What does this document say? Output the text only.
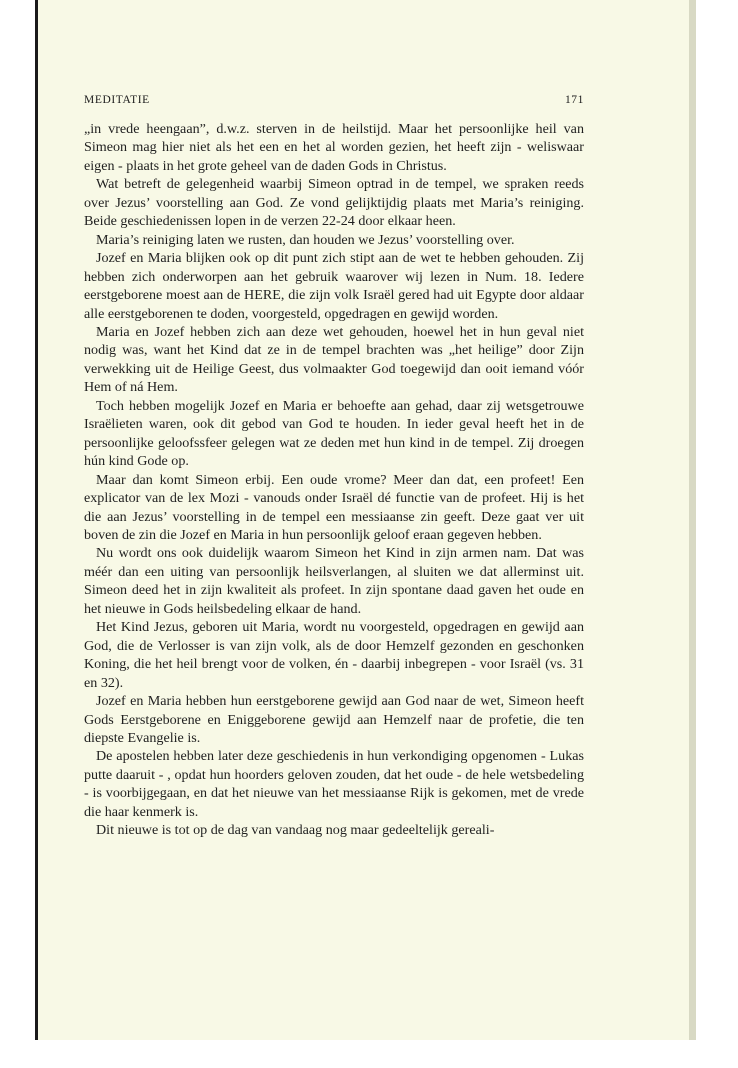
MEDITATIE	171

„in vrede heengaan”, d.w.z. sterven in de heilstijd. Maar het persoonlijke heil van Simeon mag hier niet als het een en het al worden gezien, het heeft zijn - weliswaar eigen - plaats in het grote geheel van de daden Gods in Christus.

Wat betreft de gelegenheid waarbij Simeon optrad in de tempel, we spraken reeds over Jezus’ voorstelling aan God. Ze vond gelijktijdig plaats met Maria’s reiniging. Beide geschiedenissen lopen in de verzen 22-24 door elkaar heen.

Maria’s reiniging laten we rusten, dan houden we Jezus’ voorstelling over.

Jozef en Maria blijken ook op dit punt zich stipt aan de wet te hebben gehouden. Zij hebben zich onderworpen aan het gebruik waarover wij lezen in Num. 18. Iedere eerstgeborene moest aan de HERE, die zijn volk Israël gered had uit Egypte door aldaar alle eerstgeborenen te doden, voorgesteld, opgedragen en gewijd worden.

Maria en Jozef hebben zich aan deze wet gehouden, hoewel het in hun geval niet nodig was, want het Kind dat ze in de tempel brachten was „het heilige” door Zijn verwekking uit de Heilige Geest, dus volmaakter God toegewijd dan ooit iemand vóór Hem of ná Hem.

Toch hebben mogelijk Jozef en Maria er behoefte aan gehad, daar zij wetsgetrouwe Israëlieten waren, ook dit gebod van God te houden. In ieder geval heeft het in de persoonlijke geloofssfeer gelegen wat ze deden met hun kind in de tempel. Zij droegen hún kind Gode op.

Maar dan komt Simeon erbij. Een oude vrome? Meer dan dat, een profeet! Een explicator van de lex Mozi - vanouds onder Israël dé functie van de profeet. Hij is het die aan Jezus’ voorstelling in de tempel een messiaanse zin geeft. Deze gaat ver uit boven de zin die Jozef en Maria in hun persoonlijk geloof eraan gegeven hebben.

Nu wordt ons ook duidelijk waarom Simeon het Kind in zijn armen nam. Dat was méér dan een uiting van persoonlijk heilsverlangen, al sluiten we dat allerminst uit. Simeon deed het in zijn kwaliteit als profeet. In zijn spontane daad gaven het oude en het nieuwe in Gods heilsbedeling elkaar de hand.

Het Kind Jezus, geboren uit Maria, wordt nu voorgesteld, opgedragen en gewijd aan God, die de Verlosser is van zijn volk, als de door Hemzelf gezonden en geschonken Koning, die het heil brengt voor de volken, én - daarbij inbegrepen - voor Israël (vs. 31 en 32).

Jozef en Maria hebben hun eerstgeborene gewijd aan God naar de wet, Simeon heeft Gods Eerstgeborene en Eniggeborene gewijd aan Hemzelf naar de profetie, die ten diepste Evangelie is.

De apostelen hebben later deze geschiedenis in hun verkondiging opgenomen - Lukas putte daaruit - , opdat hun hoorders geloven zouden, dat het oude - de hele wetsbedeling - is voorbijgegaan, en dat het nieuwe van het messiaanse Rijk is gekomen, met de vrede die haar kenmerk is.

Dit nieuwe is tot op de dag van vandaag nog maar gedeeltelijk gereali-
